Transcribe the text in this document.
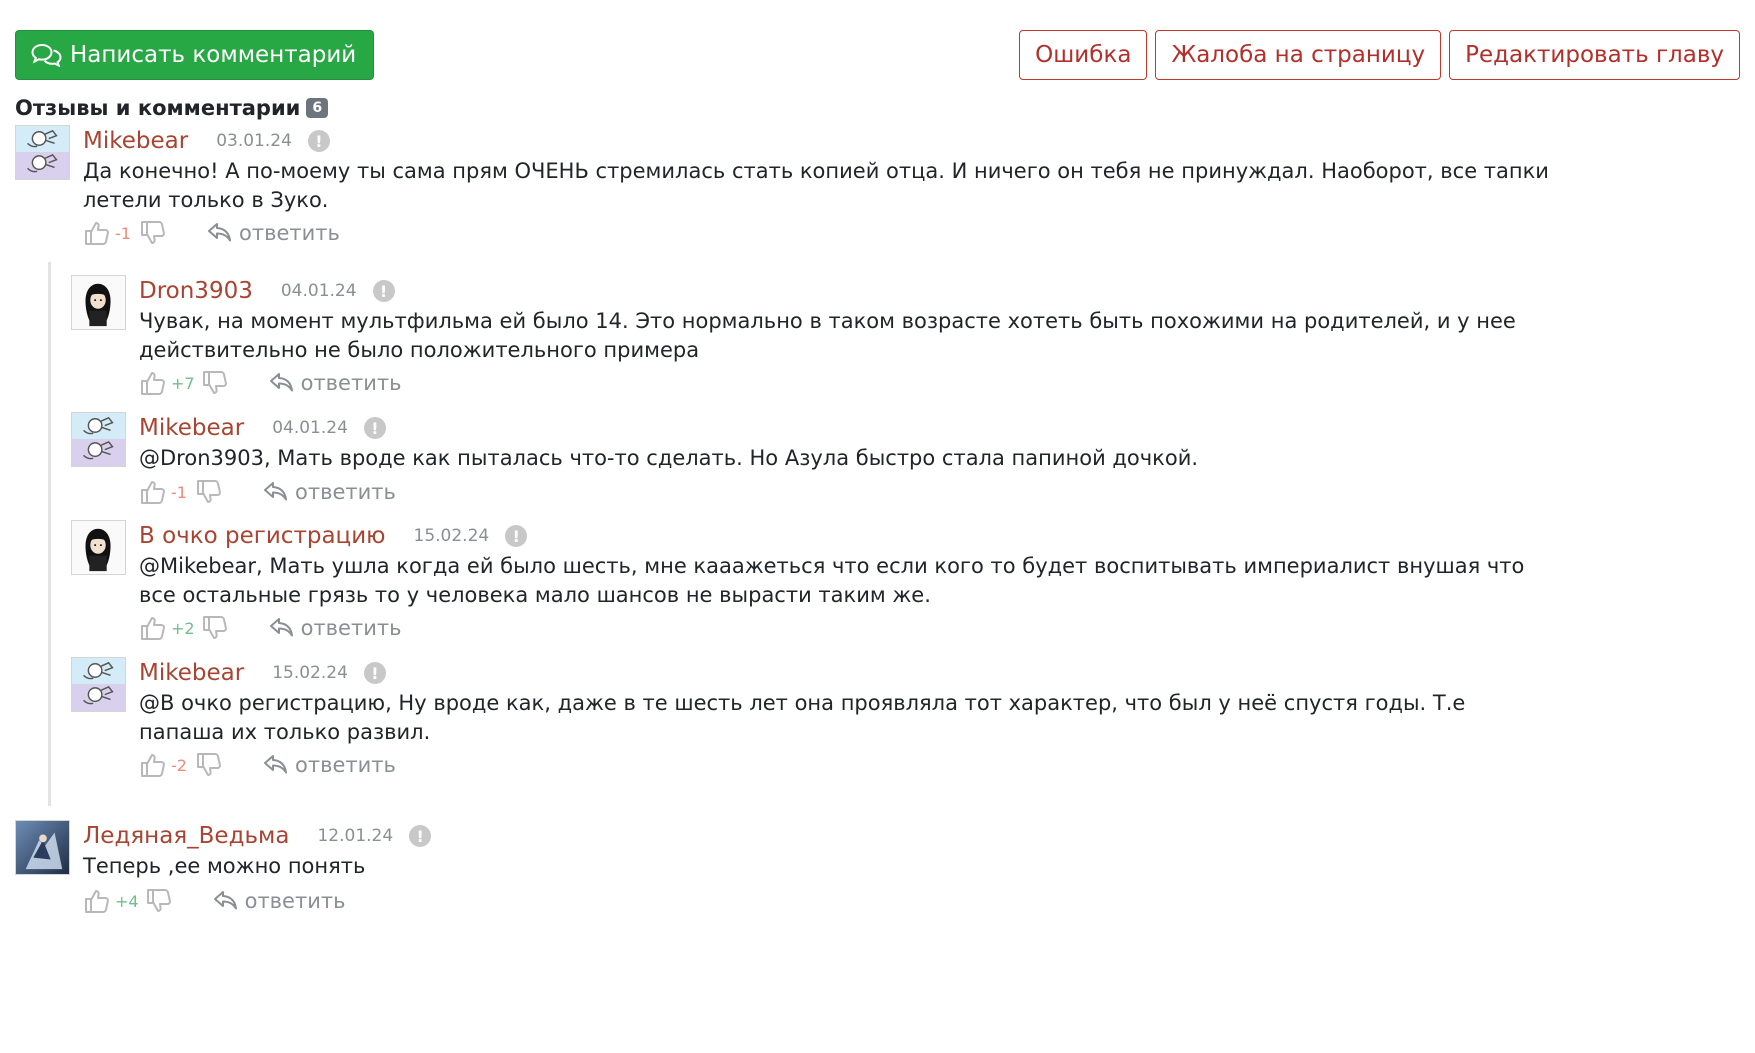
Написать комментарий	Ошибка	Жалоба на страницу	Редактировать главу
Отзывы и комментарии 6
Mikebear 03.01.24	!
Да конечно! А по-моему ты сама прям ОЧЕНЬ стремилась стать копией отца. И ничего он тебя не принуждал. Наоборот, все тапки летели только в Зуко.
-1	ответить
Dron3903 04.01.24	!
Чувак, на момент мультфильма ей было 14. Это нормально в таком возрасте хотеть быть похожими на родителей, и у нее действительно не было положительного примера
+7	ответить
Mikebear 04.01.24	!
@Dron3903, Мать вроде как пыталась что-то сделать. Но Азула быстро стала папиной дочкой.
-1	ответить
В очко регистрацию 15.02.24	!
@Mikebear, Мать ушла когда ей было шесть, мне кааажеться что если кого то будет воспитывать империалист внушая что все остальные грязь то у человека мало шансов не вырасти таким же.
+2	ответить
Mikebear 15.02.24	!
@В очко регистрацию, Ну вроде как, даже в те шесть лет она проявляла тот характер, что был у неё спустя годы. Т.е папаша их только развил.
-2	ответить
Ледяная_Ведьма 12.01.24	!
Теперь ,ее можно понять
+4	ответить
